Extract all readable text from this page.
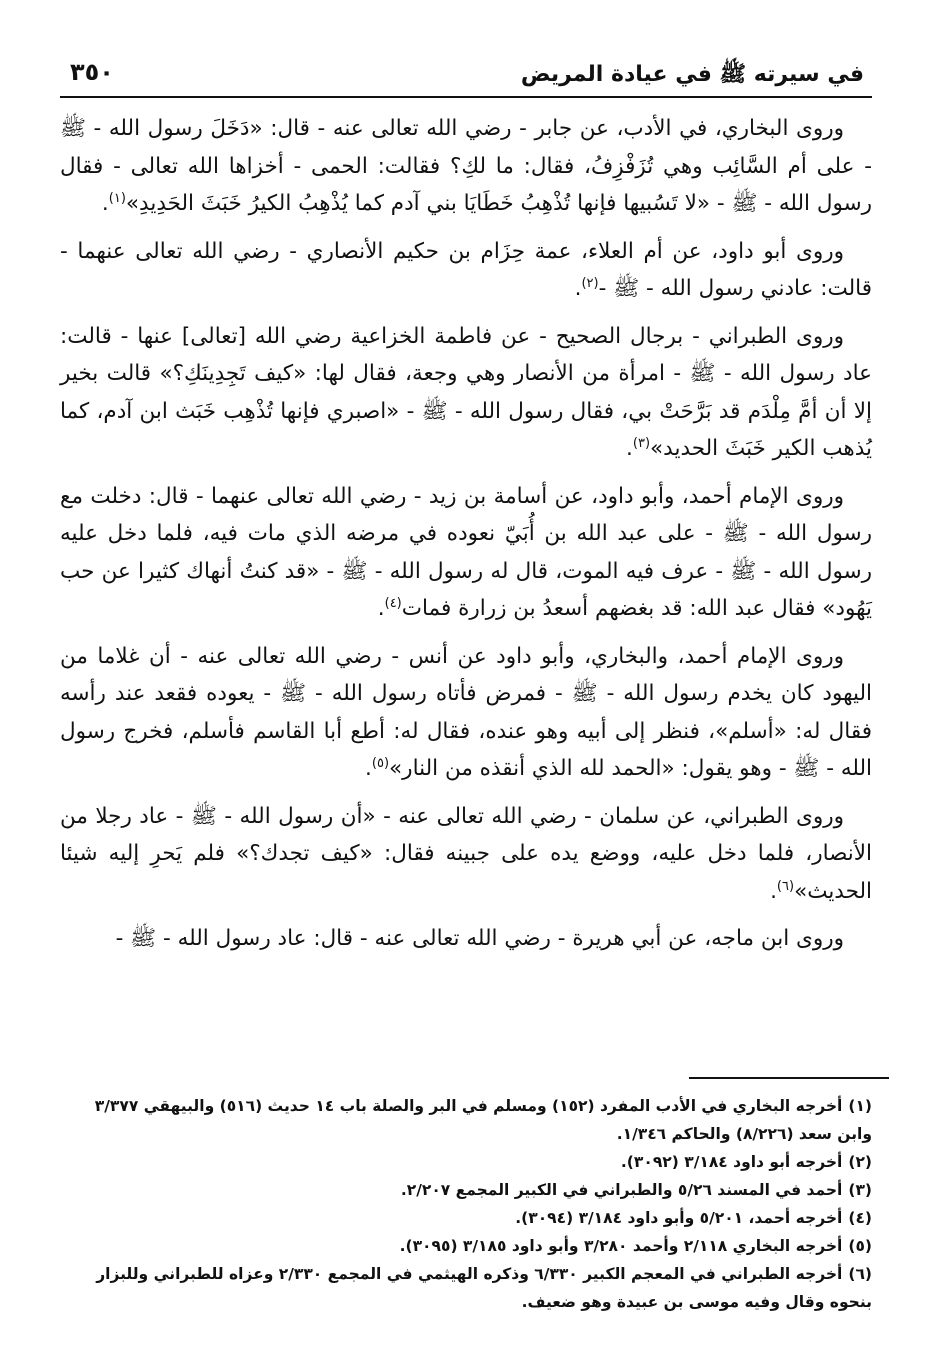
في سيرته ﷺ في عيادة المريض
٣٥٠

وروى البخاري، في الأدب، عن جابر - رضي الله تعالى عنه - قال: «دَخَلَ رسول الله - ﷺ - على أم السَّائِب وهي تُزَفْزِفُ، فقال: ما لكِ؟ فقالت: الحمى - أخزاها الله تعالى - فقال رسول الله - ﷺ - «لا تَسُبيها فإنها تُذْهِبُ خَطَايَا بني آدم كما يُذْهِبُ الكيرُ خَبَثَ الحَدِيدِ»$^{(١)}$.

وروى أبو داود، عن أم العلاء، عمة حِزَام بن حكيم الأنصاري - رضي الله تعالى عنهما - قالت: عادني رسول الله - ﷺ -$^{(٢)}$.

وروى الطبراني - برجال الصحيح - عن فاطمة الخزاعية رضي الله [تعالى] عنها - قالت: عاد رسول الله - ﷺ - امرأة من الأنصار وهي وجعة، فقال لها: «كيف تَجِدِينَكِ؟» قالت بخير إلا أن أمَّ مِلْدَم قد بَرَّحَتْ بي، فقال رسول الله - ﷺ - «اصبري فإنها تُذْهِب خَبَث ابن آدم، كما يُذهب الكير خَبَثَ الحديد»$^{(٣)}$.

وروى الإمام أحمد، وأبو داود، عن أسامة بن زيد - رضي الله تعالى عنهما - قال: دخلت مع رسول الله - ﷺ - على عبد الله بن أُبَيّ نعوده في مرضه الذي مات فيه، فلما دخل عليه رسول الله - ﷺ - عرف فيه الموت، قال له رسول الله - ﷺ - «قد كنتُ أنهاك كثيرا عن حب يَهُود» فقال عبد الله: قد بغضهم أسعدُ بن زرارة فمات$^{(٤)}$.

وروى الإمام أحمد، والبخاري، وأبو داود عن أنس - رضي الله تعالى عنه - أن غلاما من اليهود كان يخدم رسول الله - ﷺ - فمرض فأتاه رسول الله - ﷺ - يعوده فقعد عند رأسه فقال له: «أسلم»، فنظر إلى أبيه وهو عنده، فقال له: أطع أبا القاسم فأسلم، فخرج رسول الله - ﷺ - وهو يقول: «الحمد لله الذي أنقذه من النار»$^{(٥)}$.

وروى الطبراني، عن سلمان - رضي الله تعالى عنه - «أن رسول الله - ﷺ - عاد رجلا من الأنصار، فلما دخل عليه، ووضع يده على جبينه فقال: «كيف تجدك؟» فلم يَحرِ إليه شيئا الحديث»$^{(٦)}$.

وروى ابن ماجه، عن أبي هريرة - رضي الله تعالى عنه - قال: عاد رسول الله - ﷺ -

(١)أخرجه البخاري في الأدب المفرد (١٥٢) ومسلم في البر والصلة باب ١٤ حديث (٥١٦) والبيهقي ٣/٣٧٧ وابن سعد (٨/٢٢٦) والحاكم ١/٣٤٦.

(٢)أخرجه أبو داود ٣/١٨٤ (٣٠٩٢).

(٣)أحمد في المسند ٥/٢٦ والطبراني في الكبير المجمع ٢/٢٠٧.

(٤)أخرجه أحمد، ٥/٢٠١ وأبو داود ٣/١٨٤ (٣٠٩٤).

(٥)أخرجه البخاري ٢/١١٨ وأحمد ٣/٢٨٠ وأبو داود ٣/١٨٥ (٣٠٩٥).

(٦)أخرجه الطبراني في المعجم الكبير ٦/٣٣٠ وذكره الهيثمي في المجمع ٢/٣٣٠ وعزاه للطبراني وللبزار بنحوه وقال وفيه موسى بن عبيدة وهو ضعيف.
